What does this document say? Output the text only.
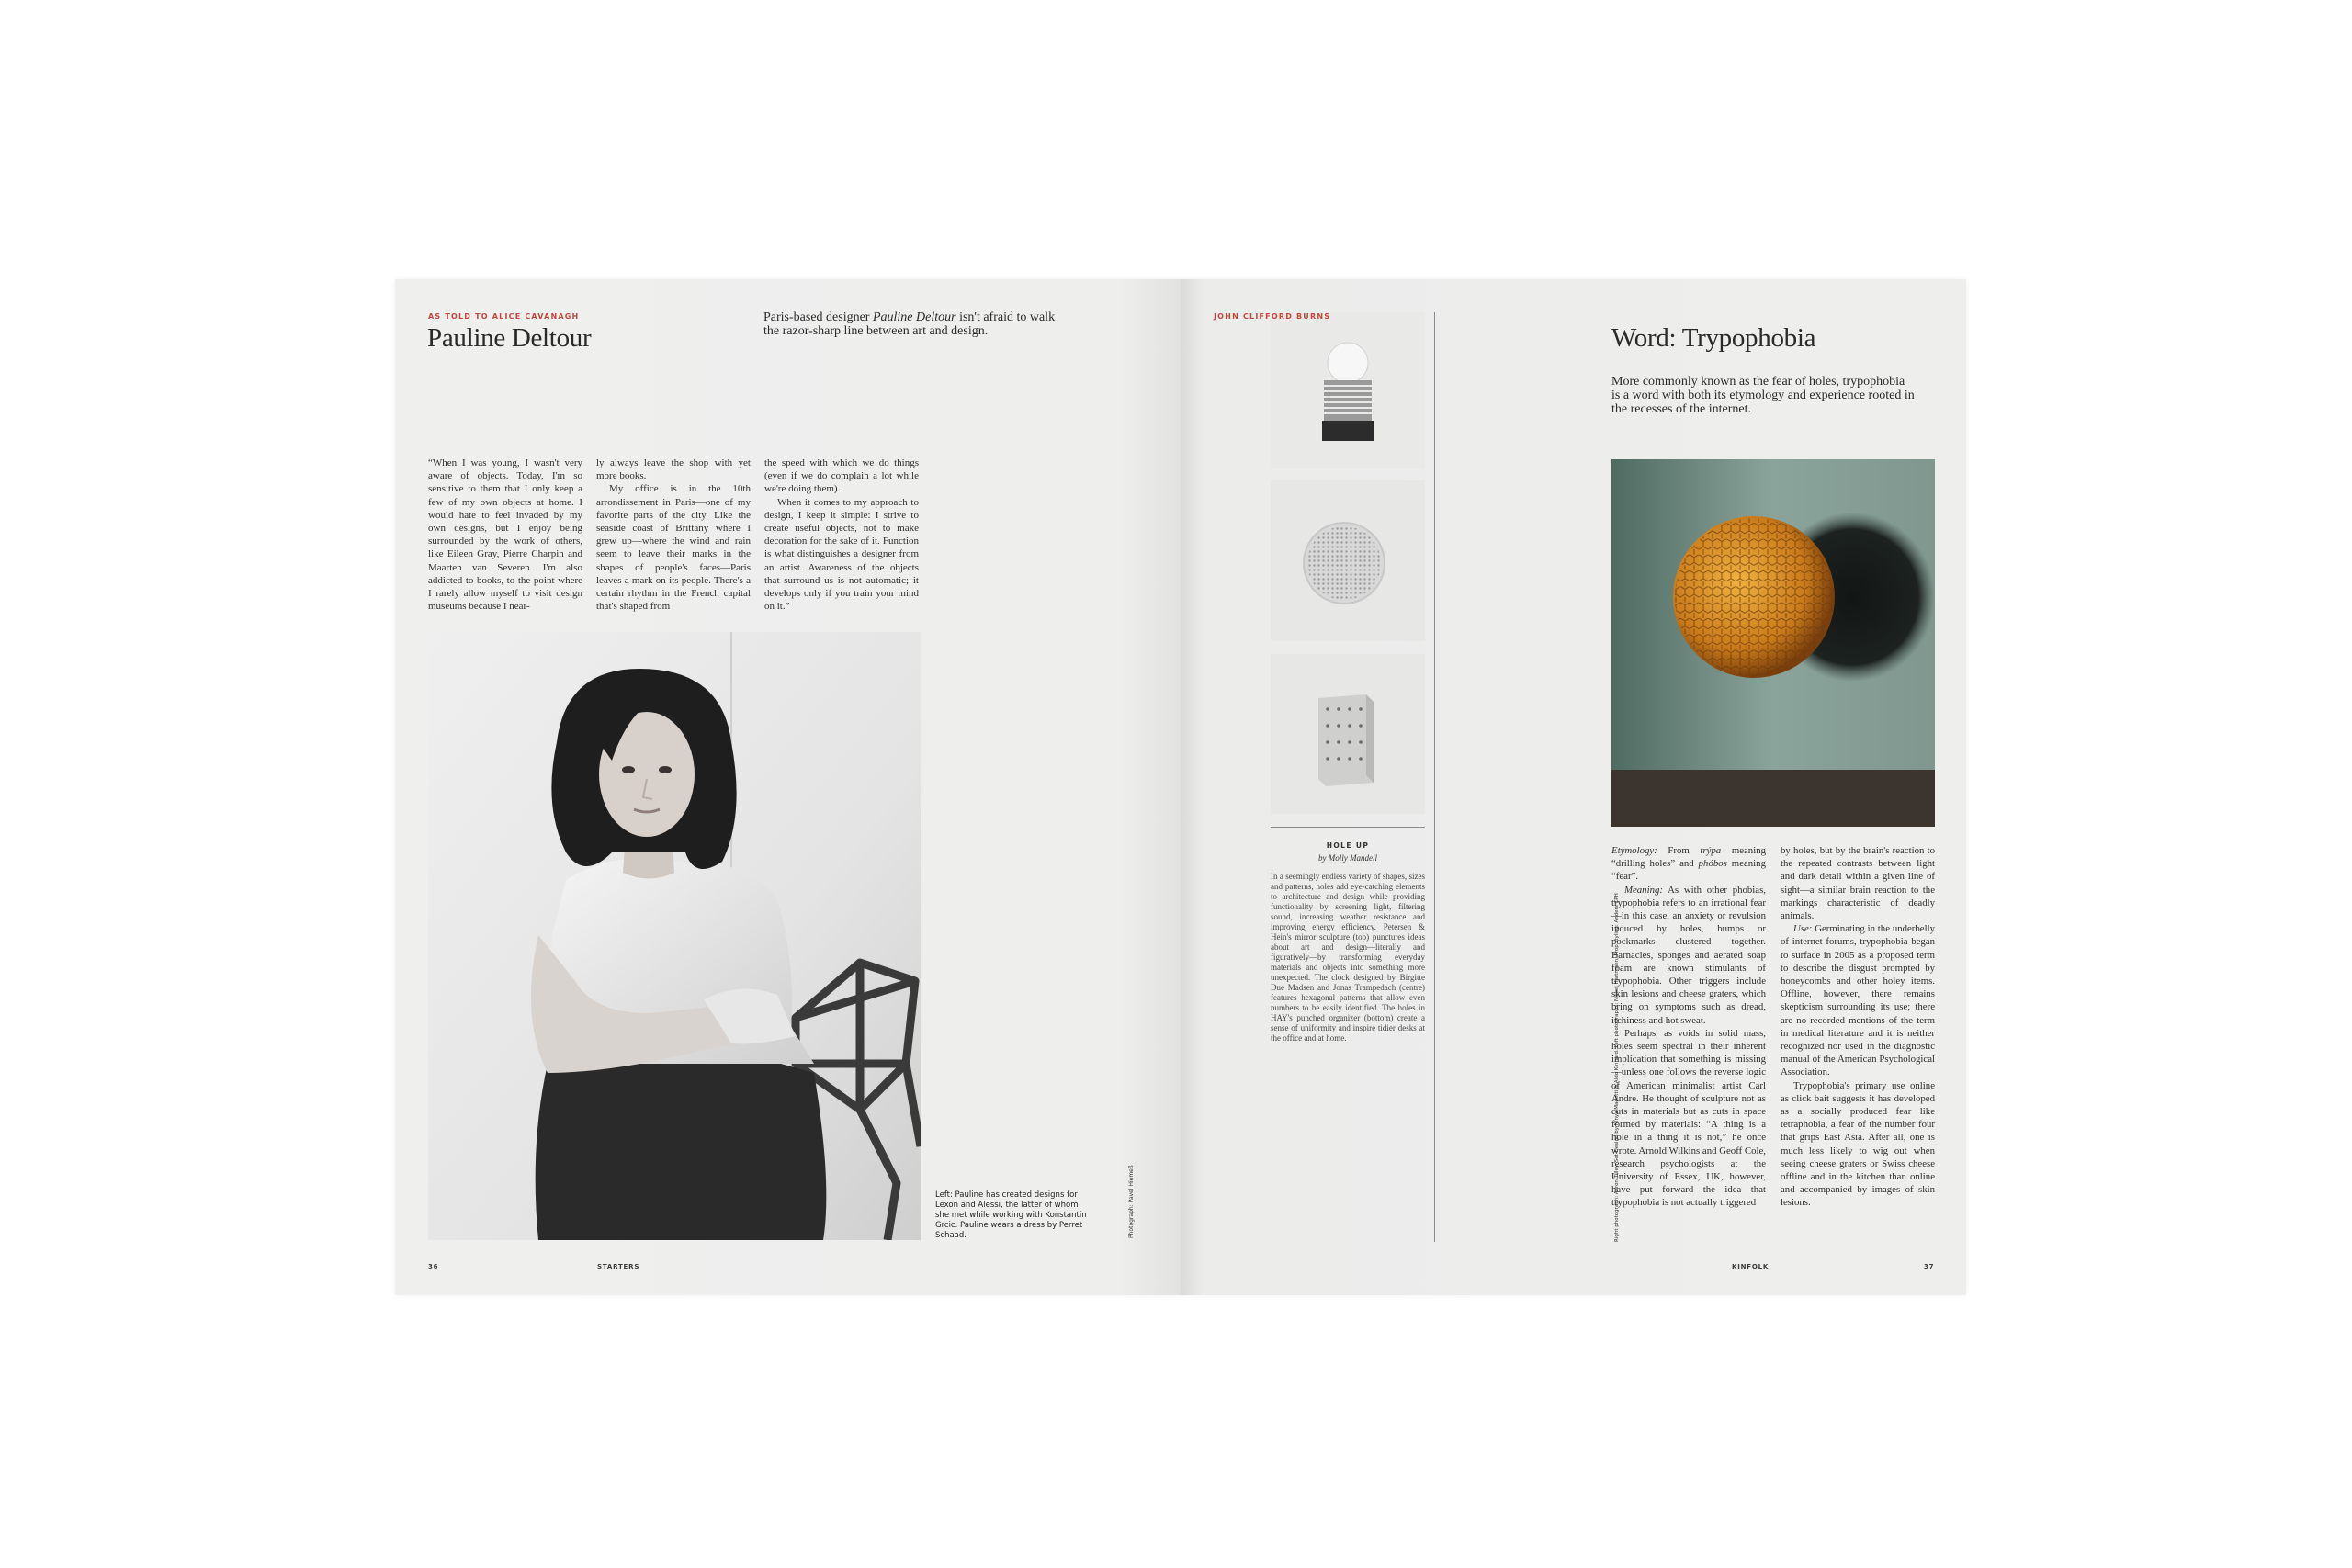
AS TOLD TO ALICE CAVANAGH
Pauline Deltour
Paris-based designer Pauline Deltour isn't afraid to walk the razor-sharp line between art and design.

“When I was young, I wasn't very aware of objects. Today, I'm so sensitive to them that I only keep a few of my own objects at home. I would hate to feel invaded by my own designs, but I enjoy being surrounded by the work of others, like Eileen Gray, Pierre Charpin and Maarten van Severen. I'm also addicted to books, to the point where I rarely allow myself to visit design museums because I near-

ly always leave the shop with yet more books.

My office is in the 10th arrondissement in Paris—one of my favorite parts of the city. Like the seaside coast of Brittany where I grew up—where the wind and rain seem to leave their marks in the shapes of people's faces—Paris leaves a mark on its people. There's a certain rhythm in the French capital that's shaped from

the speed with which we do things (even if we do complain a lot while we're doing them).

When it comes to my approach to design, I keep it simple: I strive to create useful objects, not to make decoration for the sake of it. Function is what distinguishes a designer from an artist. Awareness of the objects that surround us is not automatic; it develops only if you train your mind on it.”

Left: Pauline has created designs for Lexon and Alessi, the latter of whom she met while working with Konstantin Grcic. Pauline wears a dress by Perret Schaad.	Photograph: Pavel Hiemeß
36	STARTERS
HOLE UP
by Molly Mandell
In a seemingly endless variety of shapes, sizes and patterns, holes add eye-catching elements to architecture and design while providing functionality by screening light, filtering sound, increasing weather resistance and improving energy efficiency. Petersen & Hein's mirror sculpture (top) punctures ideas about art and design—literally and figuratively—by transforming everyday materials and objects into something more unexpected. The clock designed by Birgitte Due Madsen and Jonas Trampedach (centre) features hexagonal patterns that allow even numbers to be easily identified. The holes in HAY's punched organizer (bottom) create a sense of uniformity and inspire tidier desks at the office and at home.	Right photograph: Aaron Tilley. Set Design by Ninya Magetti & Aldo Kinnard. Left photographs: Nikkel Hartmann, Prop styling: Anders CPH
JOHN CLIFFORD BURNS
Word: Trypophobia
More commonly known as the fear of holes, trypophobia is a word with both its etymology and experience rooted in the recesses of the internet.

Etymology: From trýpa meaning “drilling holes” and phóbos meaning “fear”.

Meaning: As with other phobias, trypophobia refers to an irrational fear—in this case, an anxiety or revulsion induced by holes, bumps or pockmarks clustered together. Barnacles, sponges and aerated soap foam are known stimulants of trypophobia. Other triggers include skin lesions and cheese graters, which bring on symptoms such as dread, itchiness and hot sweat.

Perhaps, as voids in solid mass, holes seem spectral in their inherent implication that something is missing—unless one follows the reverse logic of American minimalist artist Carl Andre. He thought of sculpture not as cuts in materials but as cuts in space formed by materials: “A thing is a hole in a thing it is not,” he once wrote. Arnold Wilkins and Geoff Cole, research psychologists at the University of Essex, UK, however, have put forward the idea that trypophobia is not actually triggered

by holes, but by the brain's reaction to the repeated contrasts between light and dark detail within a given line of sight—a similar brain reaction to the markings characteristic of deadly animals.

Use: Germinating in the underbelly of internet forums, trypophobia began to surface in 2005 as a proposed term to describe the disgust prompted by honeycombs and other holey items. Offline, however, there remains skepticism surrounding its use; there are no recorded mentions of the term in medical literature and it is neither recognized nor used in the diagnostic manual of the American Psychological Association.

Trypophobia's primary use online as click bait suggests it has developed as a socially produced fear like tetraphobia, a fear of the number four that grips East Asia. After all, one is much less likely to wig out when seeing cheese graters or Swiss cheese offline and in the kitchen than online and accompanied by images of skin lesions.

KINFOLK	37
